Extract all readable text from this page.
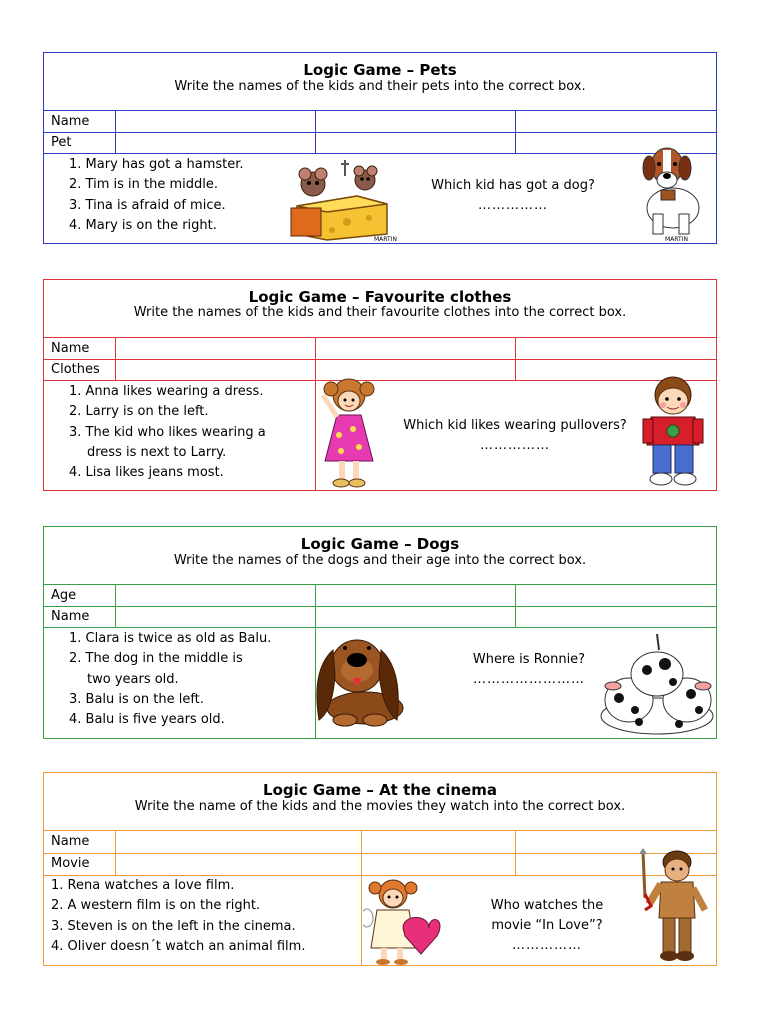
Logic Game – Pets
Write the names of the kids and their pets into the correct box.
Name
Pet
1. Mary has got a hamster.
2. Tim is in the middle.
3. Tina is afraid of mice.
4. Mary is on the right.
MARTIN
Which kid has got a dog?
……………
MARTIN
Logic Game – Favourite clothes
Write the names of the kids and their favourite clothes into the correct box.
Name
Clothes
1. Anna likes wearing a dress.
2. Larry is on the left.
3. The kid who likes wearing a
dress is next to Larry.
4. Lisa likes jeans most.
Which kid likes wearing pullovers?
……………
Logic Game – Dogs
Write the names of the dogs and their age into the correct box.
Age
Name
1. Clara is twice as old as Balu.
2. The dog in the middle is
two years old.
3. Balu is on the left.
4. Balu is five years old.
Where is Ronnie?
……………………
Logic Game – At the cinema
Write the name of the kids and the movies they watch into the correct box.
Name
Movie
1. Rena watches a love film.
2. A western film is on the right.
3. Steven is on the left in the cinema.
4. Oliver doesn´t watch an animal film.
Who watches the
movie “In Love”?
……………
